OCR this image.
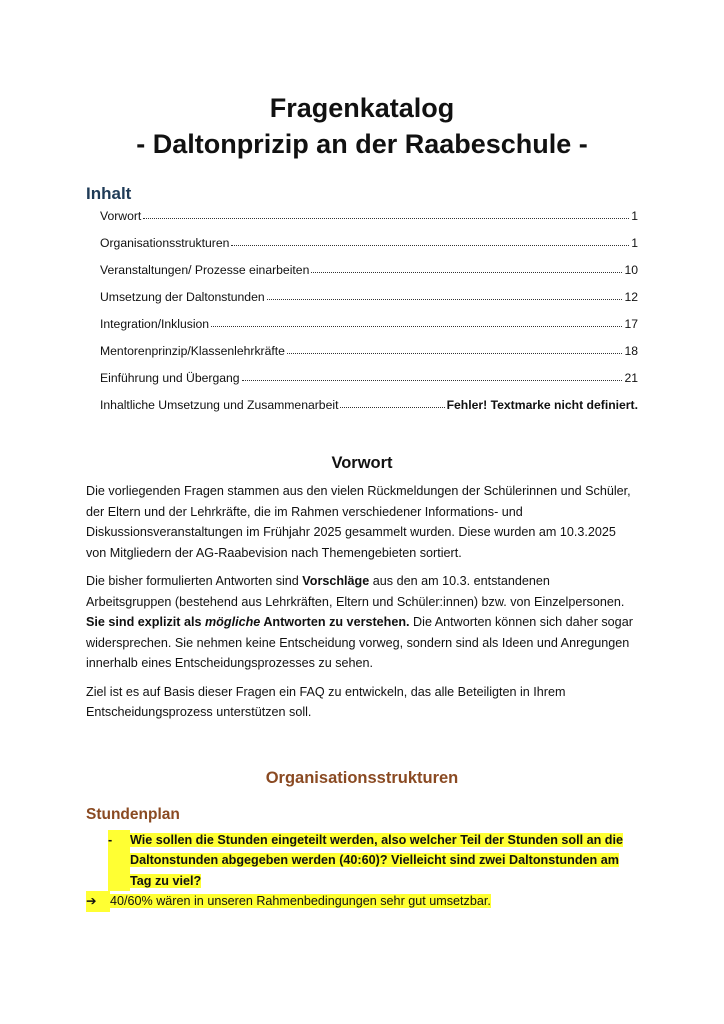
Fragenkatalog
- Daltonprizip an der Raabeschule -
Inhalt
Vorwort	1
Organisationsstrukturen	1
Veranstaltungen/ Prozesse einarbeiten	10
Umsetzung der Daltonstunden	12
Integration/Inklusion	17
Mentorenprinzip/Klassenlehrkräfte	18
Einführung und Übergang	21
Inhaltliche Umsetzung und Zusammenarbeit	Fehler! Textmarke nicht definiert.
Vorwort

Die vorliegenden Fragen stammen aus den vielen Rückmeldungen der Schülerinnen und Schüler, der Eltern und der Lehrkräfte, die im Rahmen verschiedener Informations- und Diskussionsveranstaltungen im Frühjahr 2025 gesammelt wurden. Diese wurden am 10.3.2025 von Mitgliedern der AG-Raabevision nach Themengebieten sortiert.

Die bisher formulierten Antworten sind Vorschläge aus den am 10.3. entstandenen Arbeitsgruppen (bestehend aus Lehrkräften, Eltern und Schüler:innen) bzw. von Einzelpersonen. Sie sind explizit als mögliche Antworten zu verstehen. Die Antworten können sich daher sogar widersprechen. Sie nehmen keine Entscheidung vorweg, sondern sind als Ideen und Anregungen innerhalb eines Entscheidungsprozesses zu sehen.

Ziel ist es auf Basis dieser Fragen ein FAQ zu entwickeln, das alle Beteiligten in Ihrem Entscheidungsprozess unterstützen soll.

Organisationsstrukturen
Stundenplan
-	Wie sollen die Stunden eingeteilt werden, also welcher Teil der Stunden soll an die Daltonstunden abgegeben werden (40:60)? Vielleicht sind zwei Daltonstunden am Tag zu viel?
➔	40/60% wären in unseren Rahmenbedingungen sehr gut umsetzbar.
